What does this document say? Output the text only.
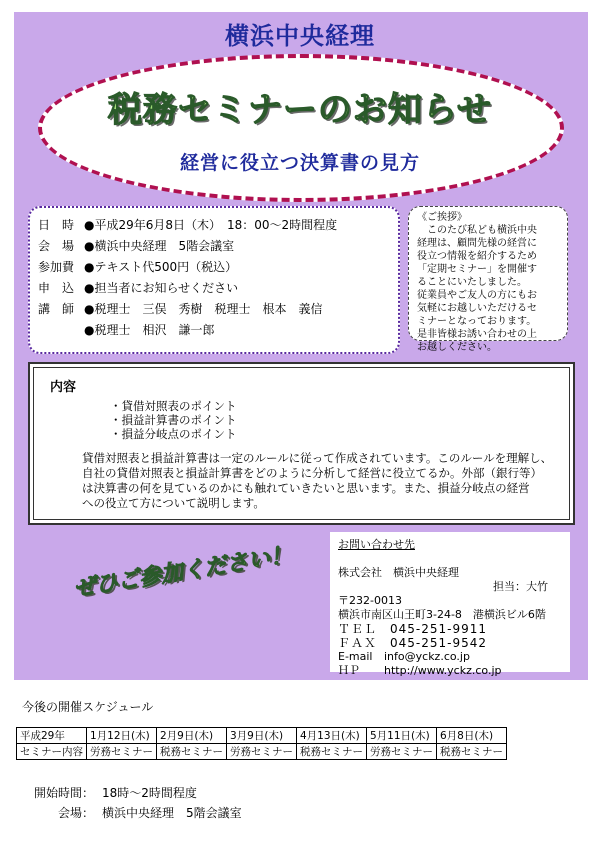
横浜中央経理
税務セミナーのお知らせ
経営に役立つ決算書の見方
日　時 ●平成29年6月8日（木）　18：00～2時間程度
会　場 ●横浜中央経理　5階会議室
参加費 ●テキスト代500円（税込）
申　込 ●担当者にお知らせください
講　師 ●税理士　三俣　秀樹　税理士　根本　義信
●税理士　相沢　謙一郎
《ご挨拶》
　このたび私ども横浜中央
経理は、顧問先様の経営に
役立つ情報を紹介するため
「定期セミナー」を開催す
ることにいたしました。
従業員やご友人の方にもお
気軽にお越しいただけるセ
ミナーとなっております。
是非皆様お誘い合わせの上
お越しください。
内容
・貸借対照表のポイント
・損益計算書のポイント
・損益分岐点のポイント
貸借対照表と損益計算書は一定のルールに従って作成されています。このルールを理解し、
自社の貸借対照表と損益計算書をどのように分析して経営に役立てるか。外部（銀行等）
は決算書の何を見ているのかにも触れていきたいと思います。また、損益分岐点の経営
への役立て方について説明します。
ぜひご参加ください！	お問い合わせ先
株式会社　横浜中央経理
担当：大竹
〒232-0013
横浜市南区山王町3-24-8　港横浜ビル6階
ＴＥＬ　045-251-9911
ＦＡＸ　045-251-9542
E-mail	info@yckz.co.jp
ＨＰ	http://www.yckz.co.jp
今後の開催スケジュール
平成29年	1月12日(木)	2月9日(木)	3月9日(木)	4月13日(木)	5月11日(木)	6月8日(木)
セミナー内容	労務セミナー	税務セミナー	労務セミナー	税務セミナー	労務セミナー	税務セミナー
開始時間： 18時～2時間程度
会場： 横浜中央経理　5階会議室
